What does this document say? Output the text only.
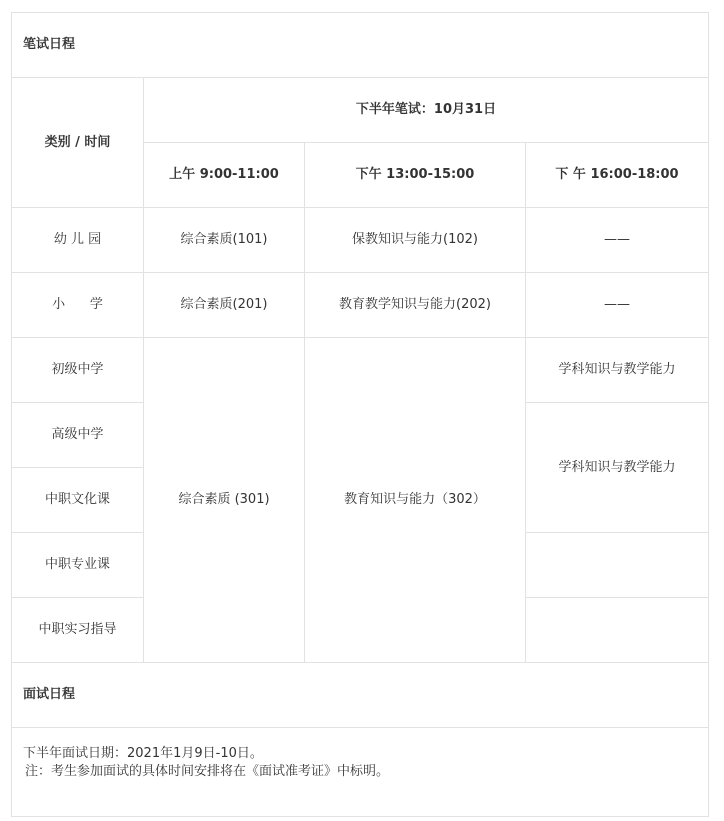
笔试日程			
类别 / 时间	下半年笔试：10月31日		
	上午 9:00-11:00	下午 13:00-15:00	下 午 16:00-18:00
幼 儿 园	综合素质(101)	保教知识与能力(102)	——
小      学	综合素质(201)	教育教学知识与能力(202)	——
初级中学	综合素质 (301)	教育知识与能力（302）	学科知识与教学能力
高级中学			学科知识与教学能力
中职文化课			
中职专业课			
中职实习指导			
面试日程			

下半年面试日期：2021年1月9日-10日。
注：考生参加面试的具体时间安排将在《面试准考证》中标明。			
